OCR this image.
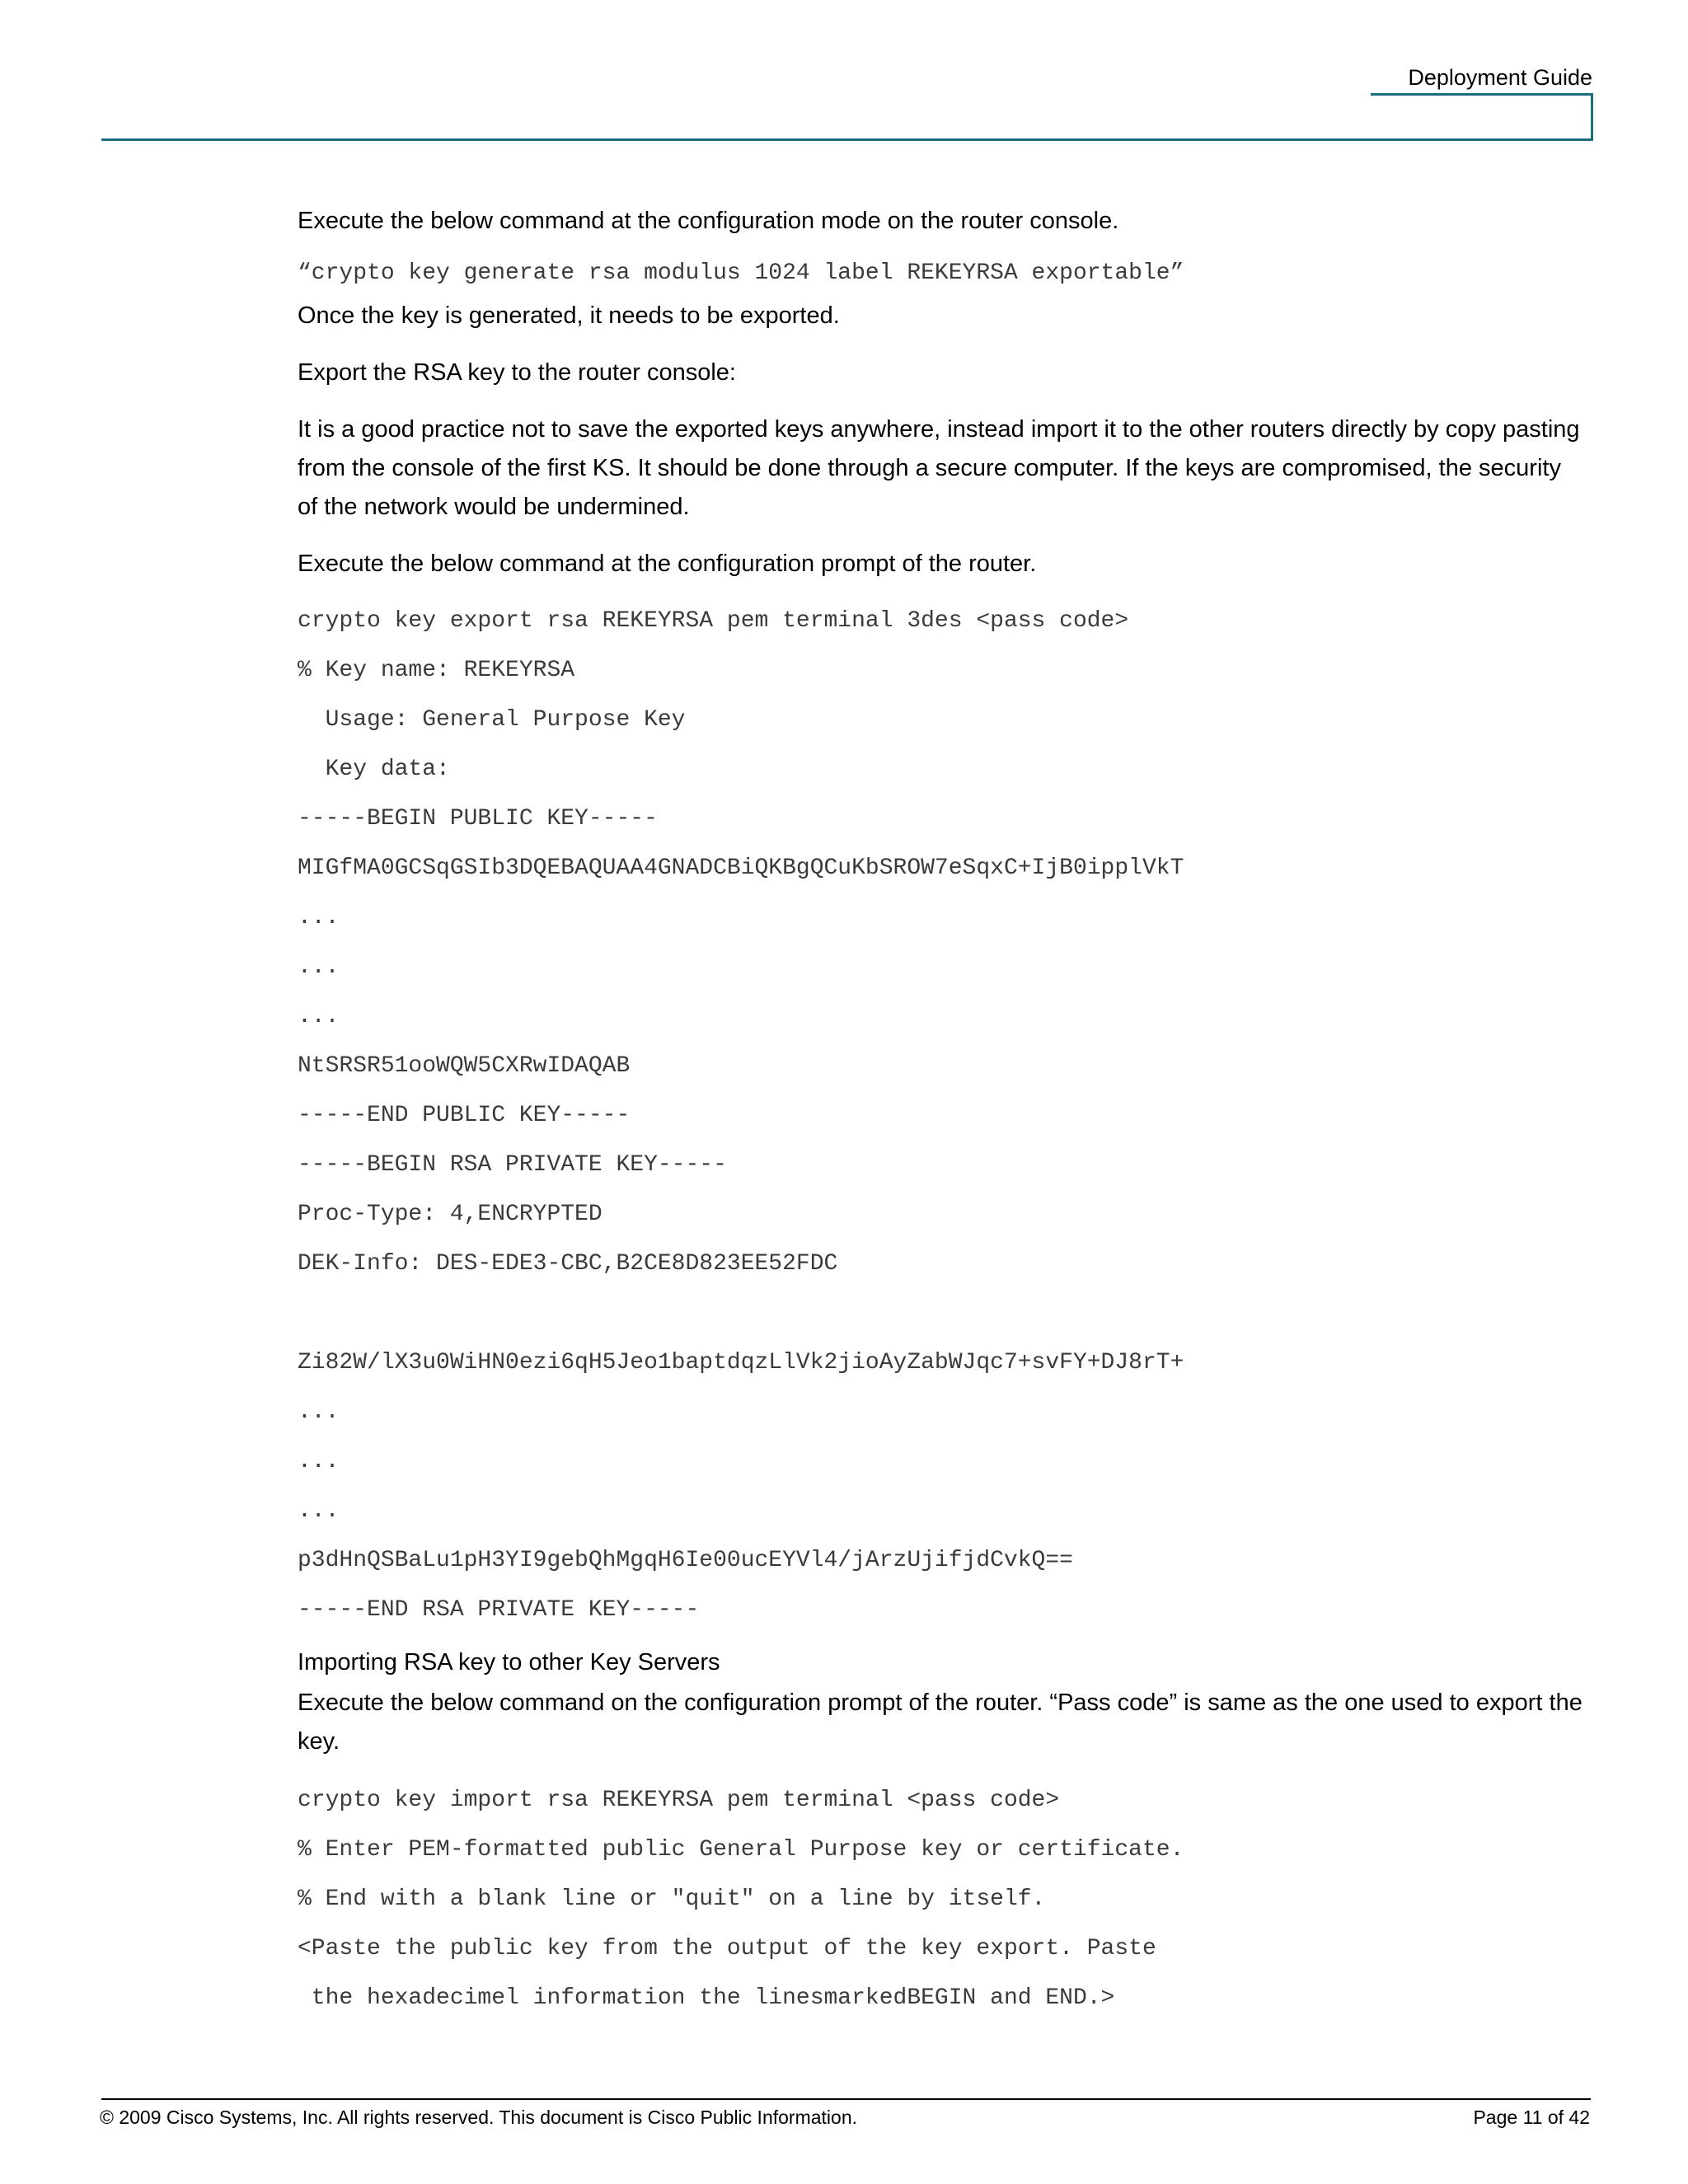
Deployment Guide

Execute the below command at the configuration mode on the router console.

“crypto key generate rsa modulus 1024 label REKEYRSA exportable”

Once the key is generated, it needs to be exported.

Export the RSA key to the router console:

It is a good practice not to save the exported keys anywhere, instead import it to the other routers directly by copy pasting from the console of the first KS. It should be done through a secure computer. If the keys are compromised, the security of the network would be undermined.

Execute the below command at the configuration prompt of the router.

crypto key export rsa REKEYRSA pem terminal 3des <pass code>
% Key name: REKEYRSA
Usage: General Purpose Key
Key data:
-----BEGIN PUBLIC KEY-----
MIGfMA0GCSqGSIb3DQEBAQUAA4GNADCBiQKBgQCuKbSROW7eSqxC+IjB0ipplVkT
...
...
...
NtSRSR51ooWQW5CXRwIDAQAB
-----END PUBLIC KEY-----
-----BEGIN RSA PRIVATE KEY-----
Proc-Type: 4,ENCRYPTED
DEK-Info: DES-EDE3-CBC,B2CE8D823EE52FDC
Zi82W/lX3u0WiHN0ezi6qH5Jeo1baptdqzLlVk2jioAyZabWJqc7+svFY+DJ8rT+
...
...
...
p3dHnQSBaLu1pH3YI9gebQhMgqH6Ie00ucEYVl4/jArzUjifjdCvkQ==
-----END RSA PRIVATE KEY-----

Importing RSA key to other Key Servers

Execute the below command on the configuration prompt of the router. “Pass code” is same as the one used to export the key.

crypto key import rsa REKEYRSA pem terminal <pass code>
% Enter PEM-formatted public General Purpose key or certificate.
% End with a blank line or "quit" on a line by itself.
<Paste the public key from the output of the key export. Paste
the hexadecimel information the linesmarkedBEGIN and END.>
© 2009 Cisco Systems, Inc. All rights reserved. This document is Cisco Public Information.	Page 11 of 42
